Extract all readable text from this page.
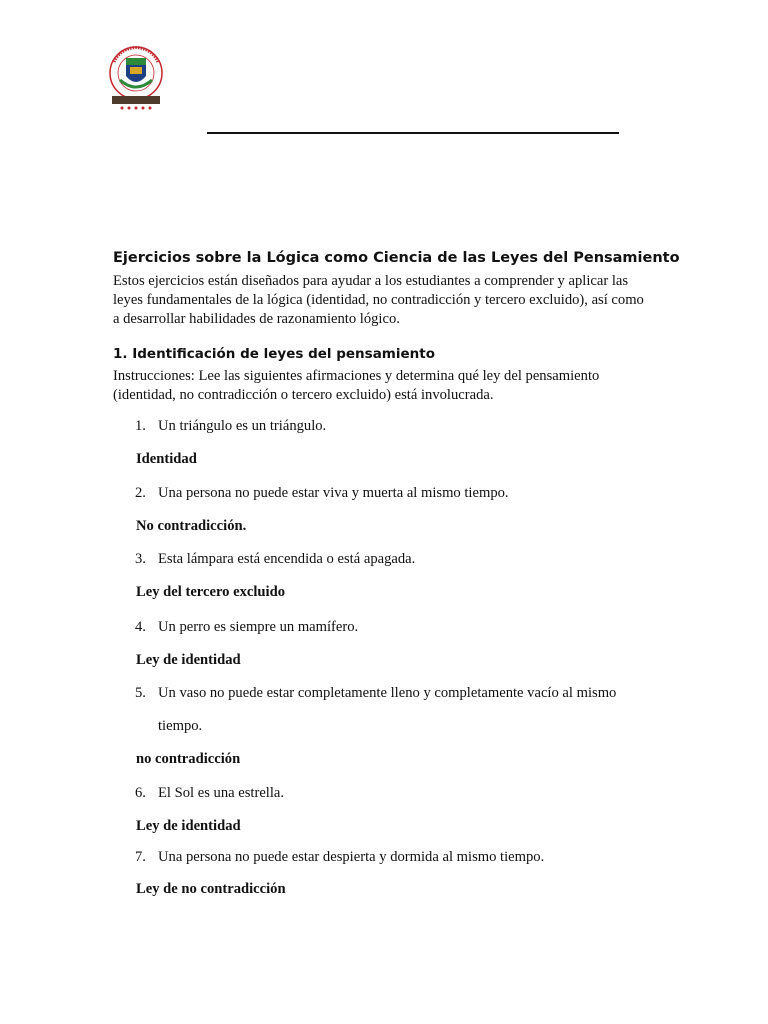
Ejercicios sobre la Lógica como Ciencia de las Leyes del Pensamiento

Estos ejercicios están diseñados para ayudar a los estudiantes a comprender y aplicar las leyes fundamentales de la lógica (identidad, no contradicción y tercero excluido), así como a desarrollar habilidades de razonamiento lógico.

1. Identificación de leyes del pensamiento

Instrucciones: Lee las siguientes afirmaciones y determina qué ley del pensamiento (identidad, no contradicción o tercero excluido) está involucrada.

1. Un triángulo es un triángulo.
Identidad
2. Una persona no puede estar viva y muerta al mismo tiempo.
No contradicción.
3. Esta lámpara está encendida o está apagada.
Ley del tercero excluido
4. Un perro es siempre un mamífero.
Ley de identidad
5. Un vaso no puede estar completamente lleno y completamente vacío al mismo
tiempo.
no contradicción
6. El Sol es una estrella.
Ley de identidad
7. Una persona no puede estar despierta y dormida al mismo tiempo.
Ley de no contradicción
